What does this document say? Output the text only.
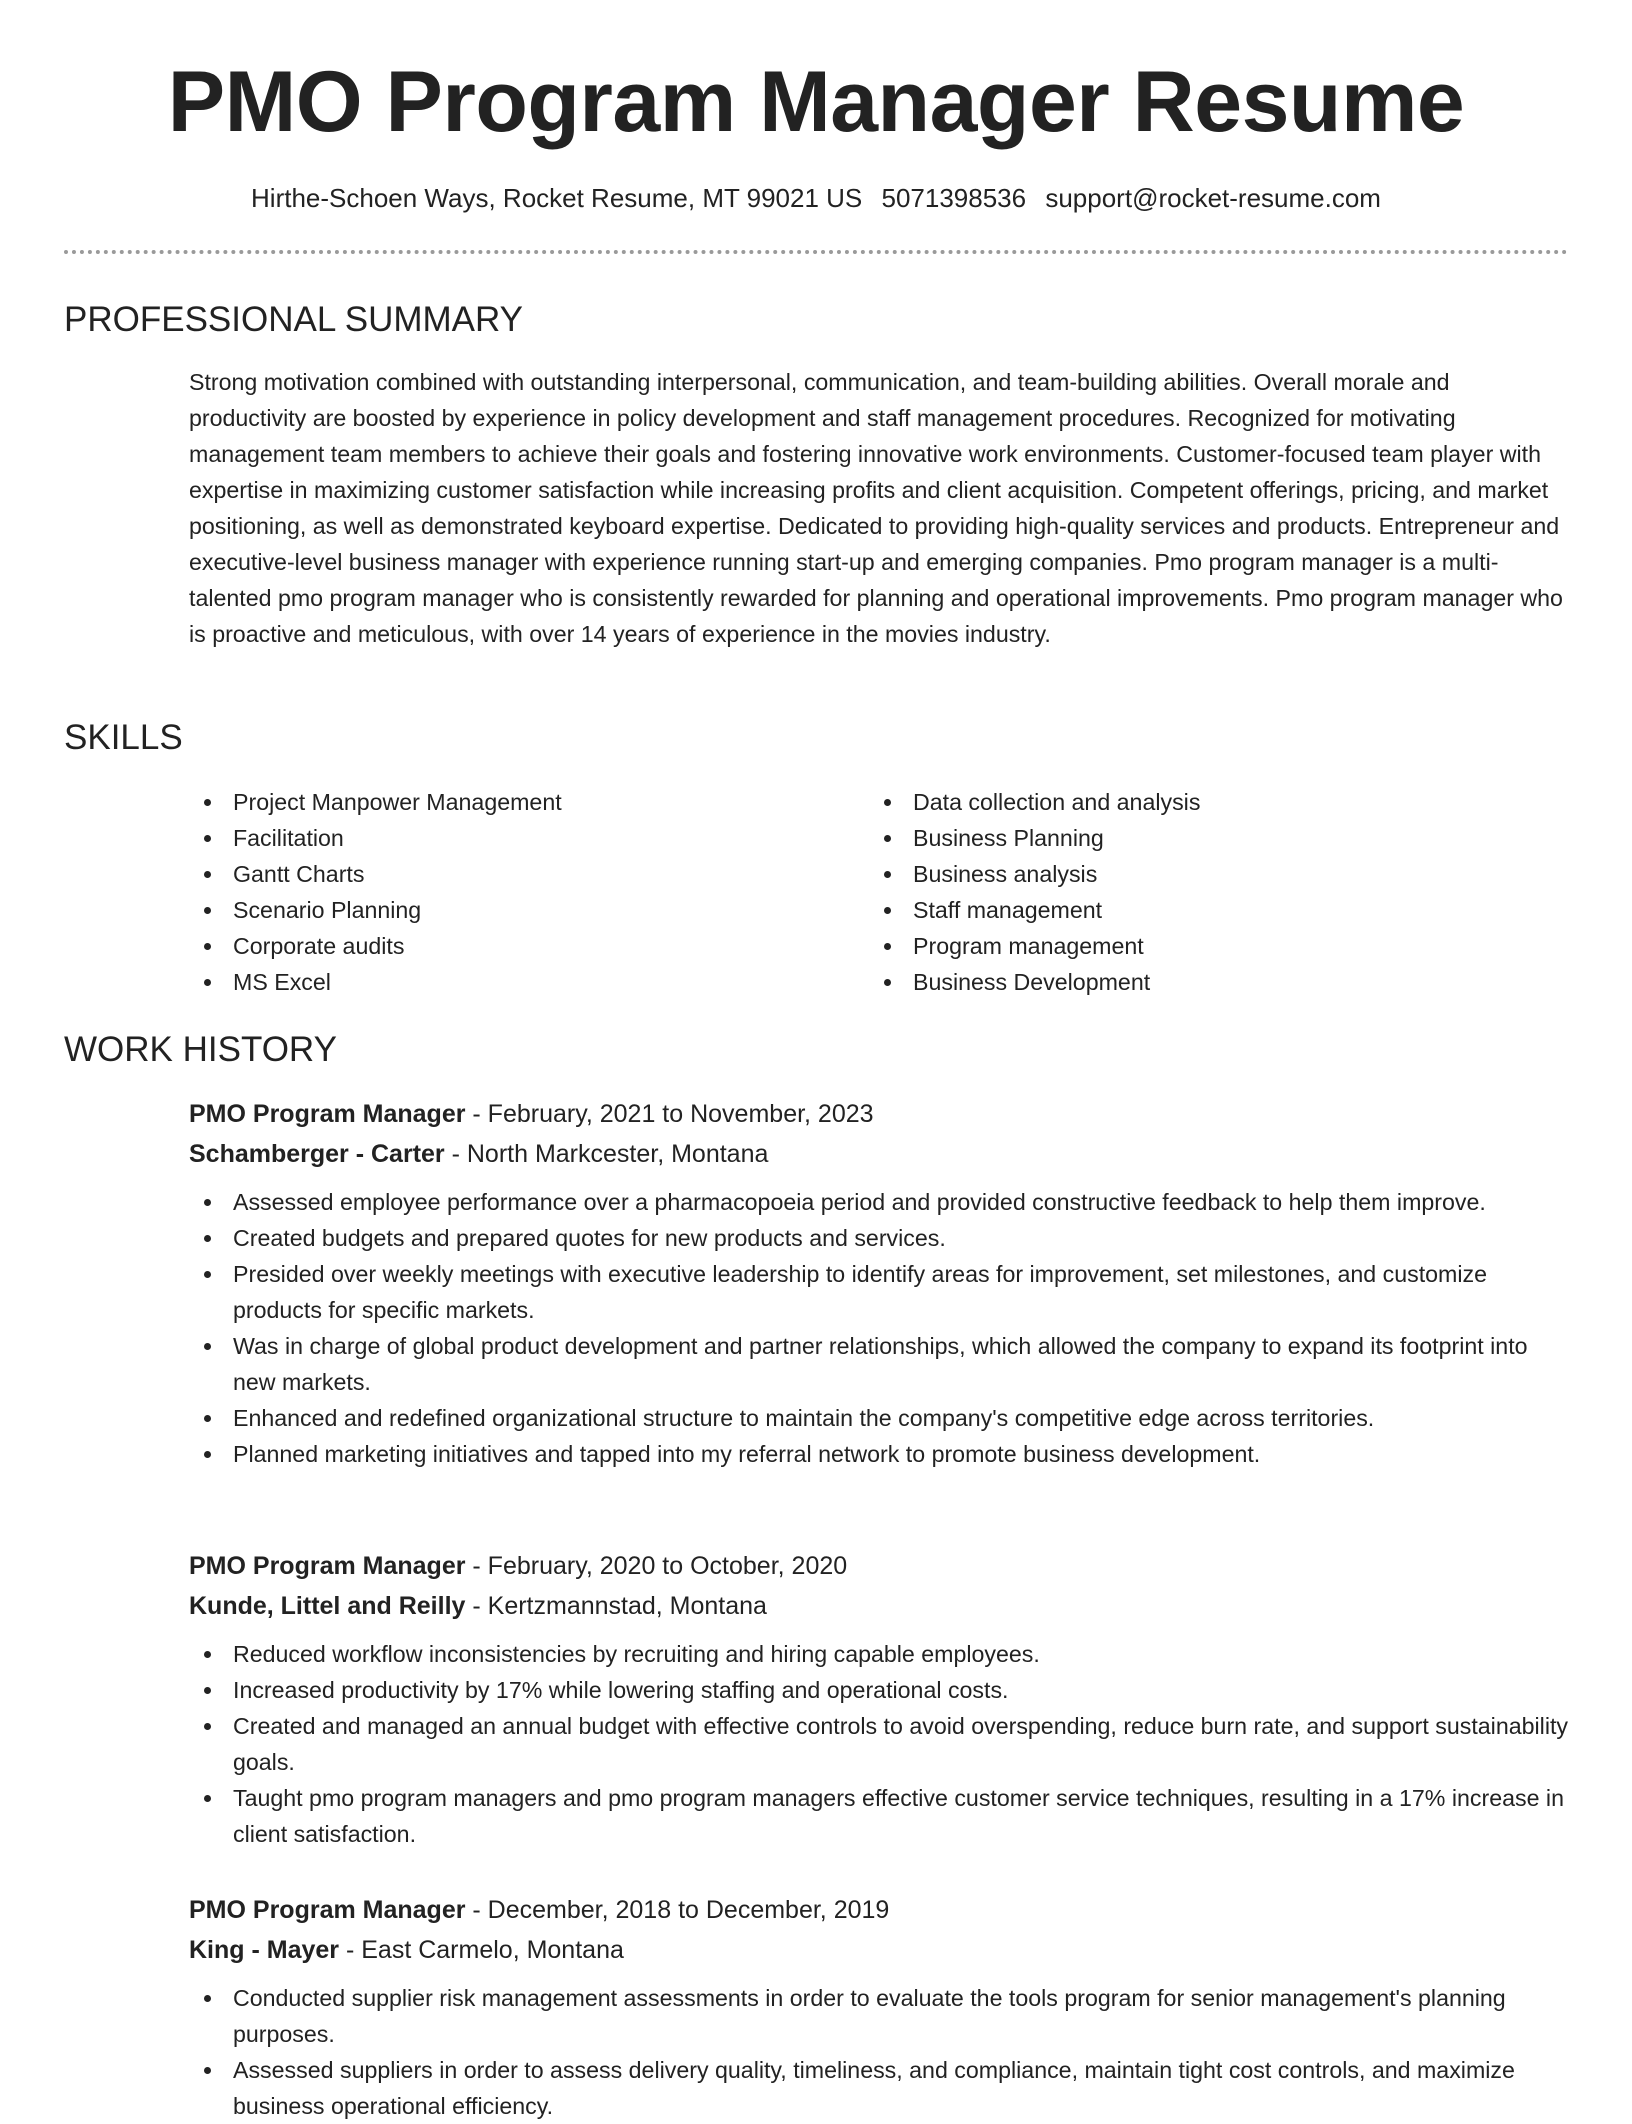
PMO Program Manager Resume
Hirthe-Schoen Ways, Rocket Resume, MT 99021 US 5071398536 support@rocket-resume.com
PROFESSIONAL SUMMARY

Strong motivation combined with outstanding interpersonal, communication, and team-building abilities. Overall morale and productivity are boosted by experience in policy development and staff management procedures. Recognized for motivating management team members to achieve their goals and fostering innovative work environments. Customer-focused team player with expertise in maximizing customer satisfaction while increasing profits and client acquisition. Competent offerings, pricing, and market positioning, as well as demonstrated keyboard expertise. Dedicated to providing high-quality services and products. Entrepreneur and executive-level business manager with experience running start-up and emerging companies. Pmo program manager is a multi-talented pmo program manager who is consistently rewarded for planning and operational improvements. Pmo program manager who is proactive and meticulous, with over 14 years of experience in the movies industry.

SKILLS
Project Manpower Management
Facilitation
Gantt Charts
Scenario Planning
Corporate audits
MS Excel
Data collection and analysis
Business Planning
Business analysis
Staff management
Program management
Business Development
WORK HISTORY
PMO Program Manager - February, 2021 to November, 2023
Schamberger - Carter - North Markcester, Montana
Assessed employee performance over a pharmacopoeia period and provided constructive feedback to help them improve.
Created budgets and prepared quotes for new products and services.
Presided over weekly meetings with executive leadership to identify areas for improvement, set milestones, and customize products for specific markets.
Was in charge of global product development and partner relationships, which allowed the company to expand its footprint into new markets.
Enhanced and redefined organizational structure to maintain the company's competitive edge across territories.
Planned marketing initiatives and tapped into my referral network to promote business development.
PMO Program Manager - February, 2020 to October, 2020
Kunde, Littel and Reilly - Kertzmannstad, Montana
Reduced workflow inconsistencies by recruiting and hiring capable employees.
Increased productivity by 17% while lowering staffing and operational costs.
Created and managed an annual budget with effective controls to avoid overspending, reduce burn rate, and support sustainability goals.
Taught pmo program managers and pmo program managers effective customer service techniques, resulting in a 17% increase in client satisfaction.
PMO Program Manager - December, 2018 to December, 2019
King - Mayer - East Carmelo, Montana
Conducted supplier risk management assessments in order to evaluate the tools program for senior management's planning purposes.
Assessed suppliers in order to assess delivery quality, timeliness, and compliance, maintain tight cost controls, and maximize business operational efficiency.
